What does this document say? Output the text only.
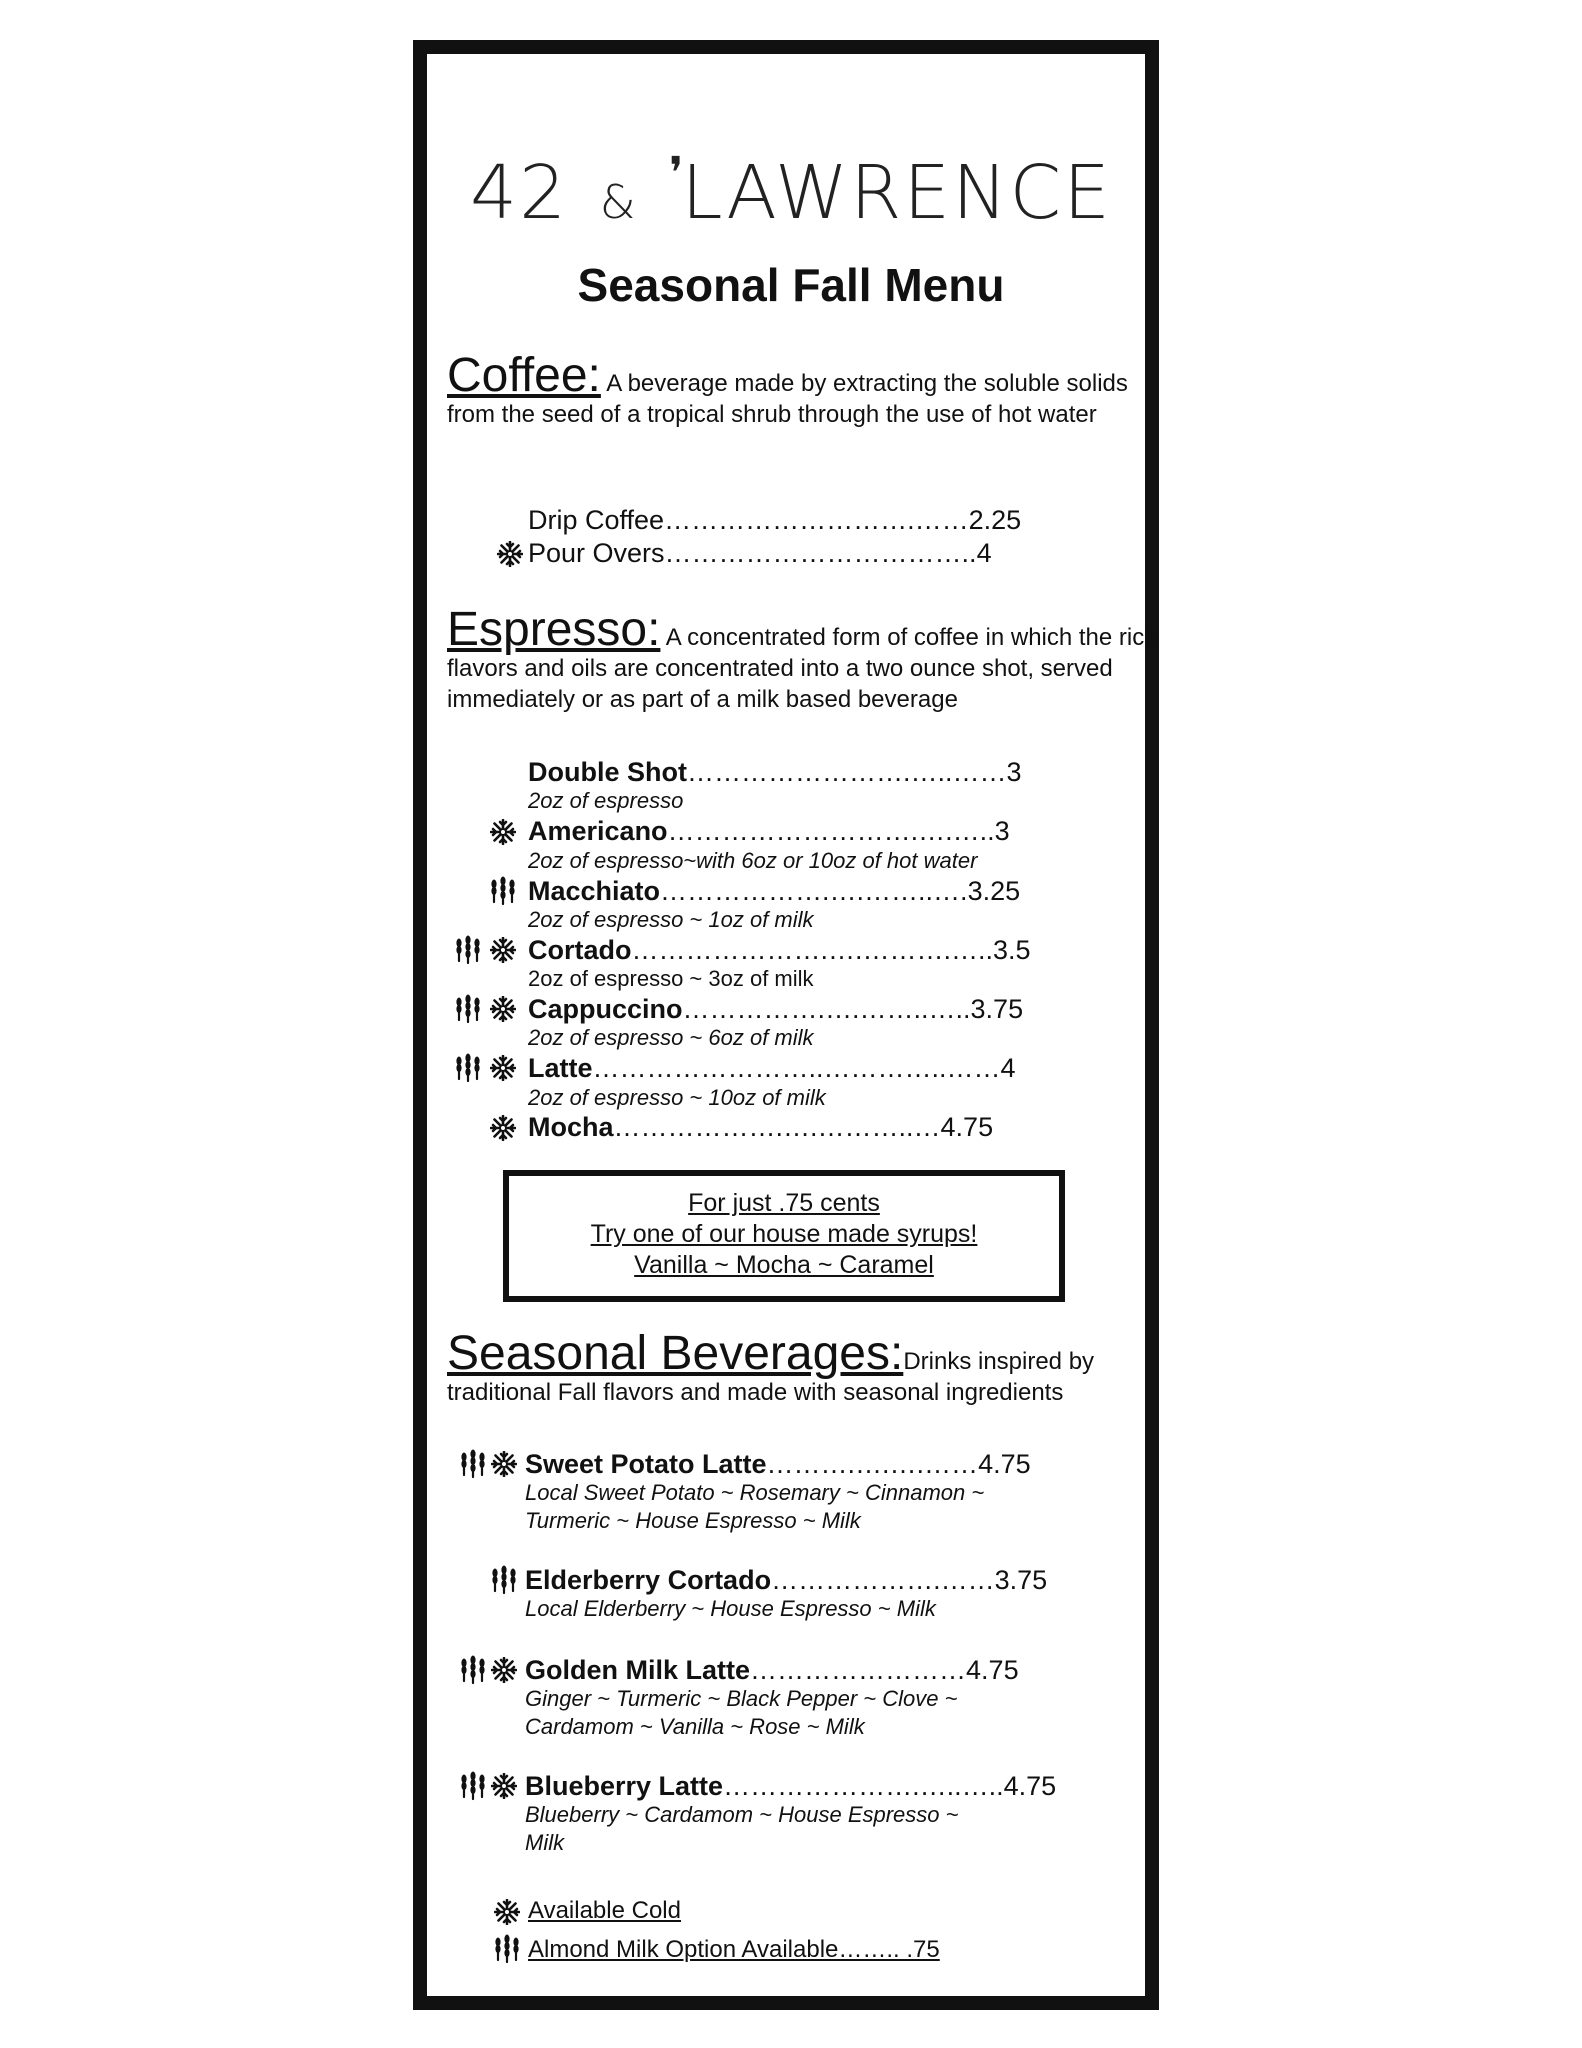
42 & ❜LAWRENCE
Seasonal Fall Menu
Coffee: A beverage made by extracting the soluble solids from the seed of a tropical shrub through the use of hot water
Drip Coffee……………………….……2.25
Pour Overs……………………………..4
Espresso: A concentrated form of coffee in which the rich flavors and oils are concentrated into a two ounce shot, served immediately or as part of a milk based beverage
Double Shot…………………….…..……3
2oz of espresso
Americano……………………….….…..3
2oz of espresso~with 6oz or 10oz of hot water
Macchiato……………….….……..….3.25
2oz of espresso ~ 1oz of milk
Cortado………………….….……….…..3.5
2oz of espresso ~ 3oz of milk
Cappuccino…………….….……..…..3.75
2oz of espresso ~ 6oz of milk
Latte……………………..…………..……4
2oz of espresso ~ 10oz of milk
Mocha……………….….………..…4.75
For just .75 cents
Try one of our house made syrups!
Vanilla ~ Mocha ~ Caramel
Seasonal Beverages:Drinks inspired by traditional Fall flavors and made with seasonal ingredients
Sweet Potato Latte……….….….……4.75
Local Sweet Potato ~ Rosemary ~ Cinnamon ~
Turmeric ~ House Espresso ~ Milk
Elderberry Cortado……………….……3.75
Local Elderberry ~ House Espresso ~ Milk
Golden Milk Latte……………………4.75
Ginger ~ Turmeric ~ Black Pepper ~ Clove ~
Cardamom ~ Vanilla ~ Rose ~ Milk
Blueberry Latte………………….…..…..4.75
Blueberry ~ Cardamom ~ House Espresso ~
Milk
Available Cold
Almond Milk Option Available…….. .75
